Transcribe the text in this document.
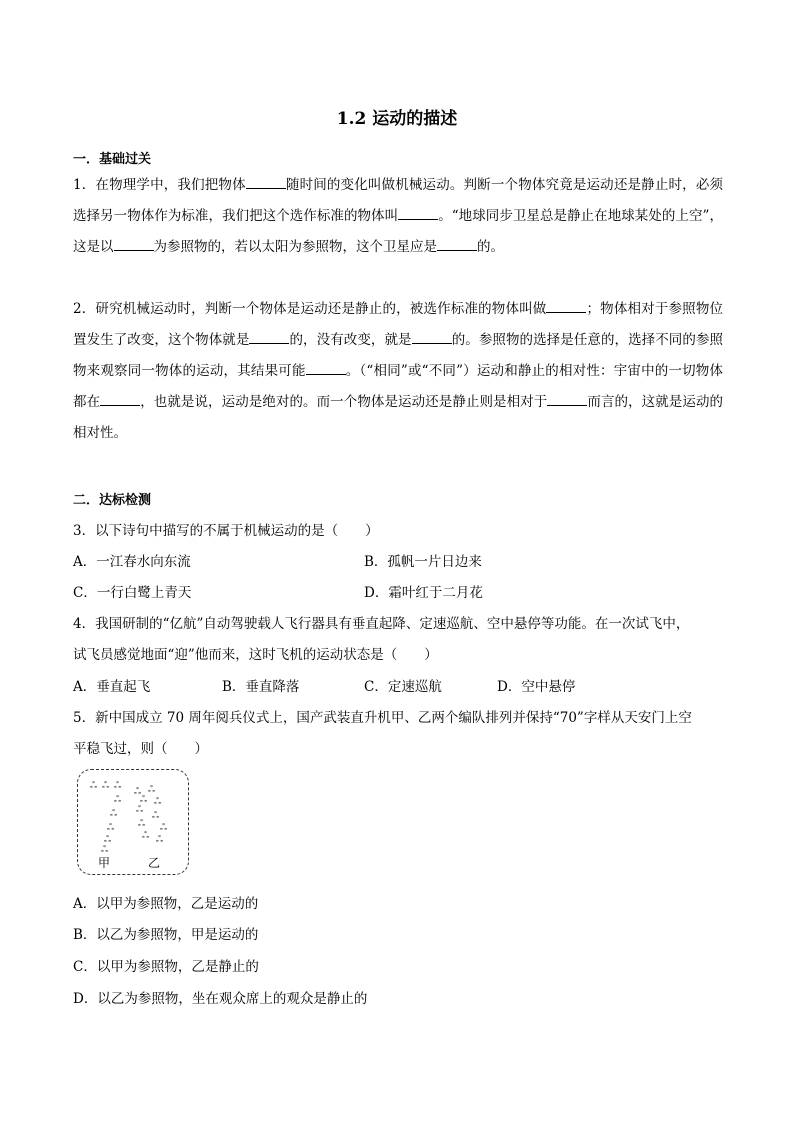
1.2 运动的描述
一．基础过关
1．在物理学中，我们把物体	随时间的变化叫做机械运动。判断一个物体究竟是运动还是静止时，必须选择另一物体作为标准，我们把这个选作标准的物体叫	。“地球同步卫星总是静止在地球某处的上空”，这是以	为参照物的，若以太阳为参照物，这个卫星应是	的。
2．研究机械运动时，判断一个物体是运动还是静止的，被选作标准的物体叫做	；物体相对于参照物位置发生了改变，这个物体就是	的，没有改变，就是	的。参照物的选择是任意的，选择不同的参照物来观察同一物体的运动，其结果可能	。（“相同”或“不同”）运动和静止的相对性：宇宙中的一切物体都在	，也就是说，运动是绝对的。而一个物体是运动还是静止则是相对于	而言的，这就是运动的相对性。
二．达标检测
3．以下诗句中描写的不属于机械运动的是（　　）
A．一江春水向东流	B．孤帆一片日边来
C．一行白鹭上青天	D．霜叶红于二月花
4．我国研制的“亿航”自动驾驶载人飞行器具有垂直起降、定速巡航、空中悬停等功能。在一次试飞中，
试飞员感觉地面“迎”他而来，这时飞机的运动状态是（　　）
A．垂直起飞	B．垂直降落	C．定速巡航	D．空中悬停
5．新中国成立 70 周年阅兵仪式上，国产武装直升机甲、乙两个编队排列并保持“70”字样从天安门上空
平稳飞过，则（　　）
ஃ ஃ ஃ
ஃ
ஃ
ஃ
ஃ
ஃ
ஃ ஃ
ஃ ஃ
ஃ
ஃ
ஃ ஃ
ஃ ஃ
甲	乙
A．以甲为参照物，乙是运动的
B．以乙为参照物，甲是运动的
C．以甲为参照物，乙是静止的
D．以乙为参照物，坐在观众席上的观众是静止的
